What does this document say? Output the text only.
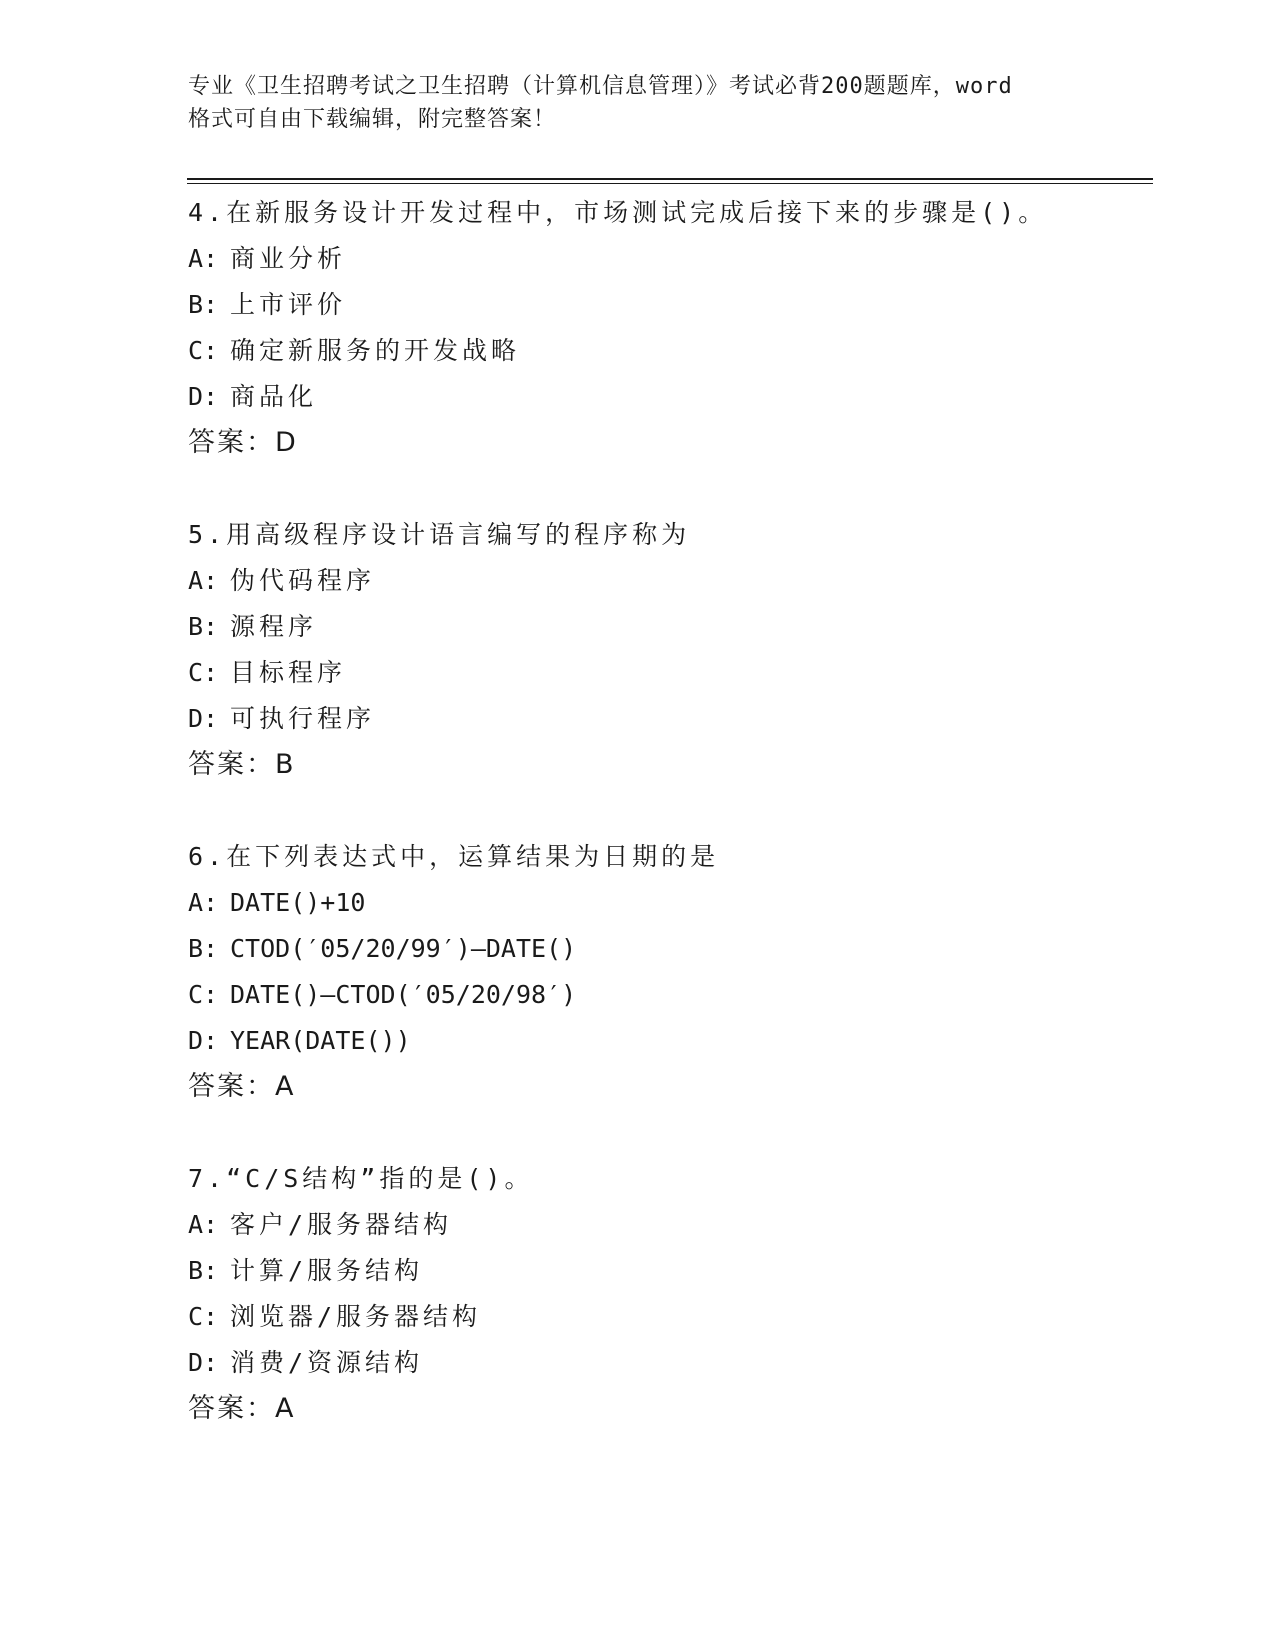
专业《卫生招聘考试之卫生招聘（计算机信息管理）》考试必背200题题库，word
格式可自由下载编辑，附完整答案！
4.在新服务设计开发过程中，市场测试完成后接下来的步骤是()。
A: 商业分析
B: 上市评价
C: 确定新服务的开发战略
D: 商品化
答案：D
5.用高级程序设计语言编写的程序称为
A: 伪代码程序
B: 源程序
C: 目标程序
D: 可执行程序
答案：B
6.在下列表达式中，运算结果为日期的是
A: DATE()+10
B: CTOD(′05/20/99′)—DATE()
C: DATE()—CTOD(′05/20/98′)
D: YEAR(DATE())
答案：A
7.“C/S结构”指的是()。
A: 客户/服务器结构
B: 计算/服务结构
C: 浏览器/服务器结构
D: 消费/资源结构
答案：A
